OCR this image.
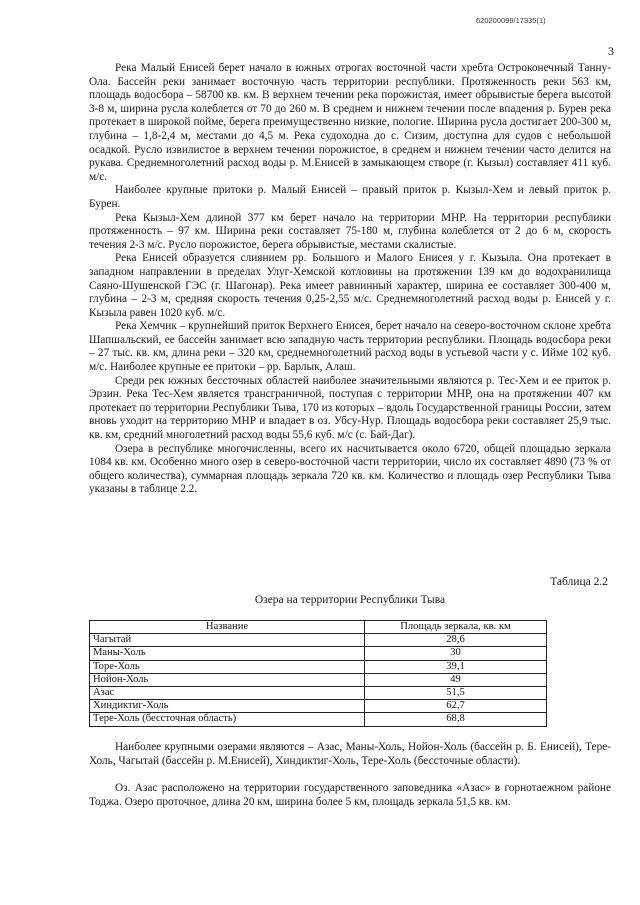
620200099/17335(1)
3

Река Малый Енисей берет начало в южных отрогах восточной части хребта Остроконечный Танну-Ола. Бассейн реки занимает восточную часть территории республики. Протяженность реки 563 км, площадь водосбора – 58700 кв. км. В верхнем течении река порожистая, имеет обрывистые берега высотой 3-8 м, ширина русла колеблется от 70 до 260 м. В среднем и нижнем течении после впадения р. Бурен река протекает в широкой пойме, берега преимущественно низкие, пологие. Ширина русла достигает 200-300 м, глубина – 1,8-2,4 м, местами до 4,5 м. Река судоходна до с. Сизим, доступна для судов с небольшой осадкой. Русло извилистое в верхнем течении порожистое, в среднем и нижнем течении часто делится на рукава. Среднемноголетний расход воды р. М.Енисей в замыкающем створе (г. Кызыл) составляет 411 куб. м/с.

Наиболее крупные притоки р. Малый Енисей – правый приток р. Кызыл-Хем и левый приток р. Бурен.

Река Кызыл-Хем длиной 377 км берет начало на территории МНР. На территории республики протяженность – 97 км. Ширина реки составляет 75-180 м, глубина колеблется от 2 до 6 м, скорость течения 2-3 м/с. Русло порожистое, берега обрывистые, местами скалистые.

Река Енисей образуется слиянием рр. Большого и Малого Енисея у г. Кызыла. Она протекает в западном направлении в пределах Улуг-Хемской котловины на протяжении 139 км до водохранилища Саяно-Шушенской ГЭС (г. Шагонар). Река имеет равнинный характер, ширина ее составляет 300-400 м, глубина – 2-3 м, средняя скорость течения 0,25-2,55 м/с. Среднемноголетний расход воды р. Енисей у г. Кызыла равен 1020 куб. м/с.

Река Хемчик – крупнейший приток Верхнего Енисея, берет начало на северо-восточном склоне хребта Шапшальский, ее бассейн занимает всю западную часть территории республики. Площадь водосбора реки – 27 тыс. кв. км, длина реки – 320 км, среднемноголетний расход воды в устьевой части у с. Ийме 102 куб. м/с. Наиболее крупные ее притоки – рр. Барлык, Алаш.

Среди рек южных бессточных областей наиболее значительными являются р. Тес-Хем и ее приток р. Эрзин. Река Тес-Хем является трансграничной, поступая с территории МНР, она на протяжении 407 км протекает по территории Республики Тыва, 170 из которых – вдоль Государственной границы России, затем вновь уходит на территорию МНР и впадает в оз. Убсу-Нур. Площадь водосбора реки составляет 25,9 тыс. кв. км, средний многолетний расход воды 55,6 куб. м/с (с. Бай-Даг).

Озера в республике многочисленны, всего их насчитывается около 6720, общей площадью зеркала 1084 кв. км. Особенно много озер в северо-восточной части территории, число их составляет 4890 (73 % от общего количества), суммарная площадь зеркала 720 кв. км. Количество и площадь озер Республики Тыва указаны в таблице 2.2.

Таблица 2.2
Озера на территории Республики Тыва
Название	Площадь зеркала, кв. км
Чагытай	28,6
Маны-Холь	30
Торе-Холь	39,1
Нойон-Холь	49
Азас	51,5
Хиндиктиг-Холь	62,7
Тере-Холь (бессточная область)	68,8

Наиболее крупными озерами являются – Азас, Маны-Холь, Нойон-Холь (бассейн р. Б. Енисей), Тере-Холь, Чагытай (бассейн р. М.Енисей), Хиндиктиг-Холь, Тере-Холь (бессточные области).

Оз. Азас расположено на территории государственного заповедника «Азас» в горнотаежном районе Тоджа. Озеро проточное, длина 20 км, ширина более 5 км, площадь зеркала 51,5 кв. км.
